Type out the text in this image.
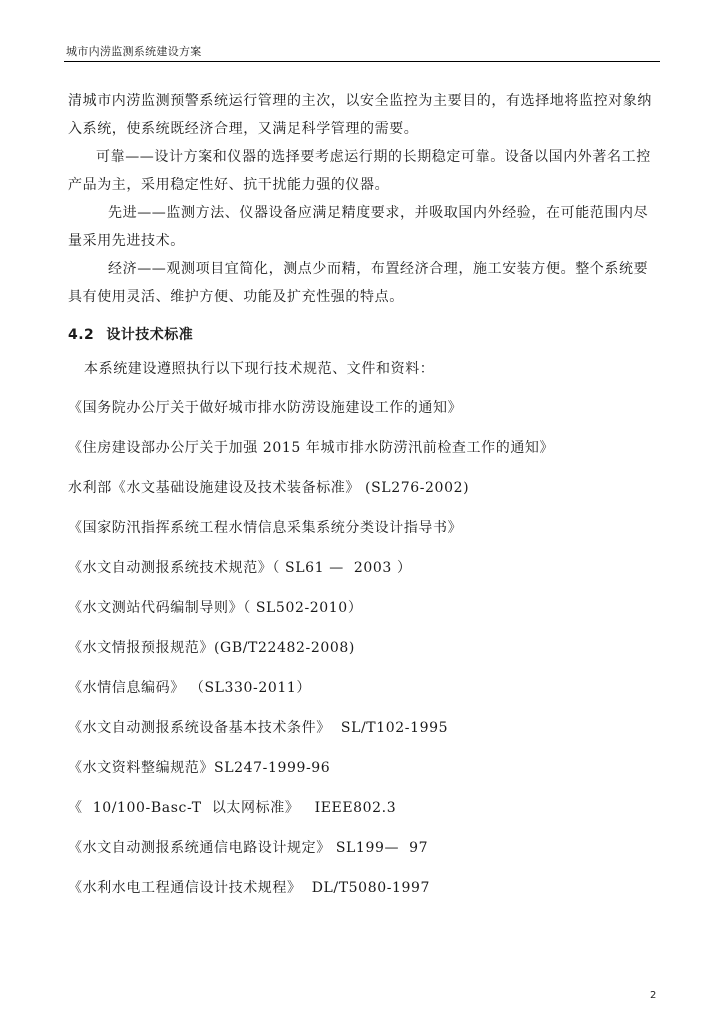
城市内涝监测系统建设方案
清城市内涝监测预警系统运行管理的主次，以安全监控为主要目的，有选择地将监控对象纳
入系统，使系统既经济合理，又满足科学管理的需要。
可靠——设计方案和仪器的选择要考虑运行期的长期稳定可靠。设备以国内外著名工控
产品为主，采用稳定性好、抗干扰能力强的仪器。
先进——监测方法、仪器设备应满足精度要求，并吸取国内外经验，在可能范围内尽
量采用先进技术。
经济——观测项目宜简化，测点少而精，布置经济合理，施工安装方便。整个系统要
具有使用灵活、维护方便、功能及扩充性强的特点。
4.2 设计技术标准
本系统建设遵照执行以下现行技术规范、文件和资料：
《国务院办公厅关于做好城市排水防涝设施建设工作的通知》
《住房建设部办公厅关于加强 2015 年城市排水防涝汛前检查工作的通知》
水利部《水文基础设施建设及技术装备标准》 (SL276-2002)
《国家防汛指挥系统工程水情信息采集系统分类设计指导书》
《水文自动测报系统技术规范》（ SL61 —  2003 ）
《水文测站代码编制导则》（ SL502-2010）
《水文情报预报规范》(GB/T22482-2008)
《水情信息编码》 （SL330-2011）
《水文自动测报系统设备基本技术条件》  SL/T102-1995
《水文资料整编规范》SL247-1999-96
《  10/100-Basc-T  以太网标准》   IEEE802.3
《水文自动测报系统通信电路设计规定》 SL199—  97
《水利水电工程通信设计技术规程》  DL/T5080-1997
2
